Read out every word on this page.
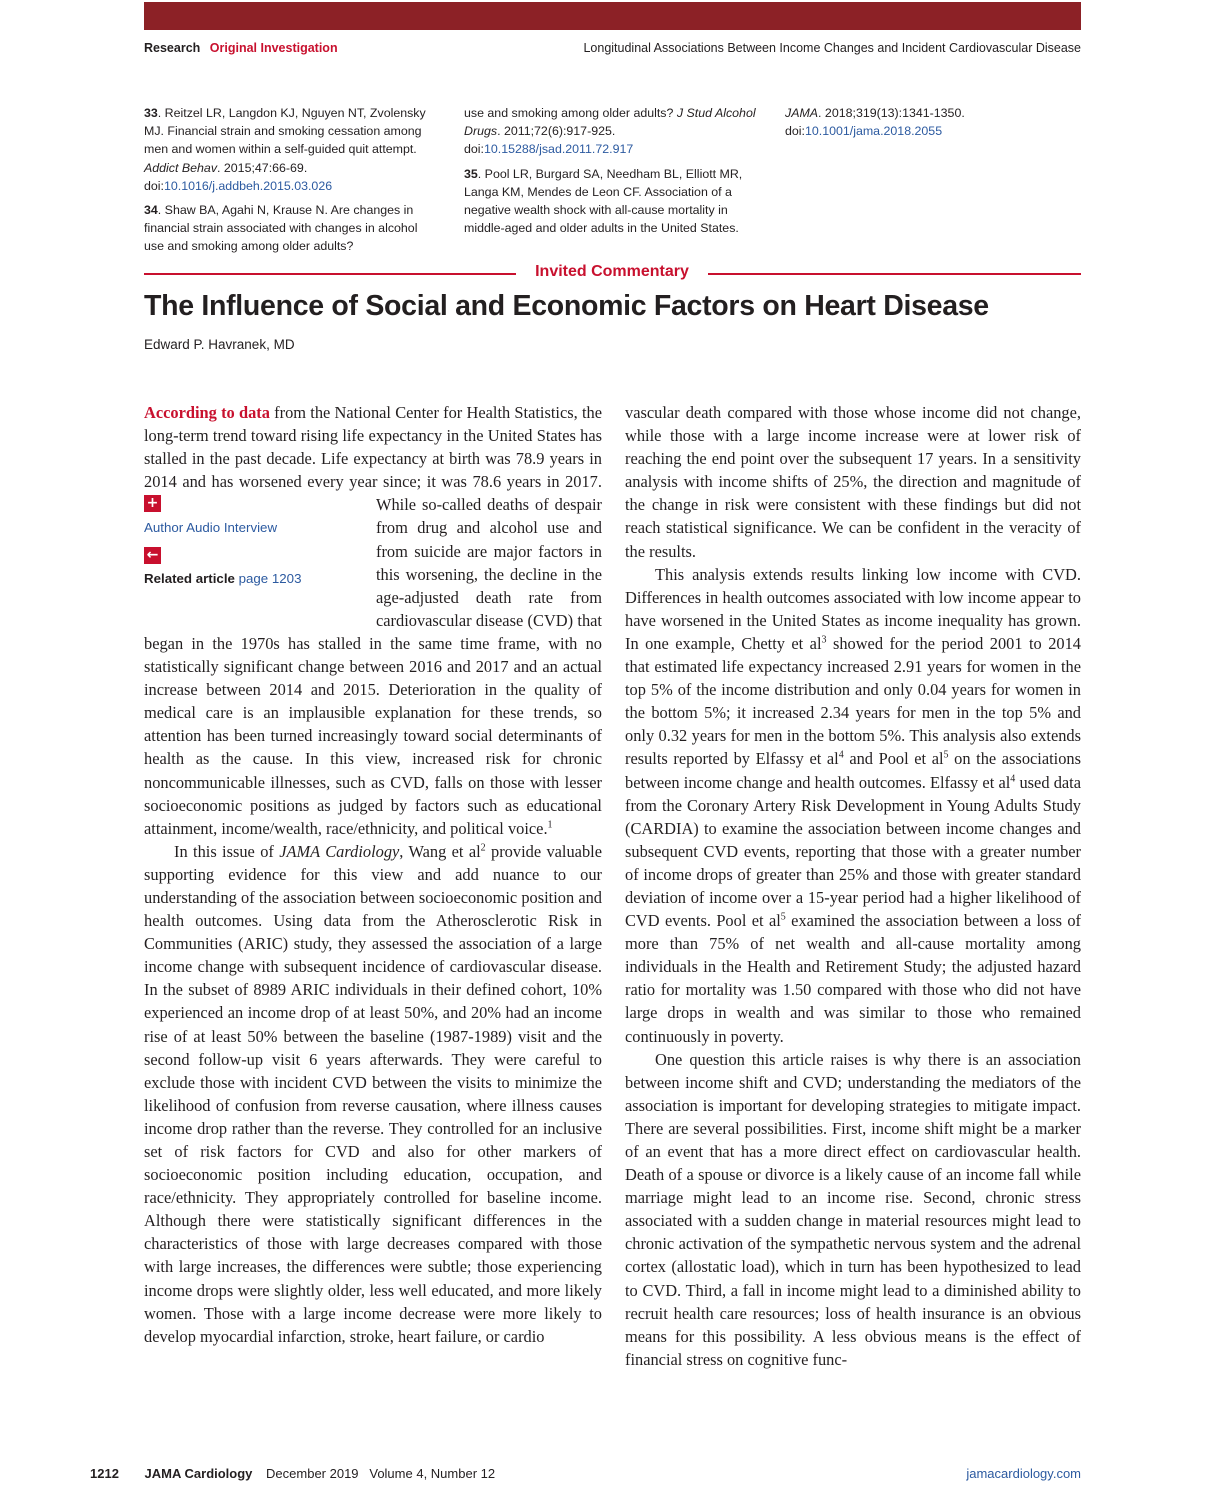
Research Original Investigation	Longitudinal Associations Between Income Changes and Incident Cardiovascular Disease

33. Reitzel LR, Langdon KJ, Nguyen NT, Zvolensky MJ. Financial strain and smoking cessation among men and women within a self-guided quit attempt. Addict Behav. 2015;47:66-69. doi:10.1016/j.addbeh.2015.03.026

34. Shaw BA, Agahi N, Krause N. Are changes in financial strain associated with changes in alcohol use and smoking among older adults?

use and smoking among older adults? J Stud Alcohol Drugs. 2011;72(6):917-925. doi:10.15288/jsad.2011.72.917

35. Pool LR, Burgard SA, Needham BL, Elliott MR, Langa KM, Mendes de Leon CF. Association of a negative wealth shock with all-cause mortality in middle-aged and older adults in the United States.

JAMA. 2018;319(13):1341-1350. doi:10.1001/jama.2018.2055

Invited Commentary
The Influence of Social and Economic Factors on Heart Disease
Edward P. Havranek, MD

According to data from the National Center for Health Statistics, the long-term trend toward rising life expectancy in the United States has stalled in the past decade. Life expectancy at birth was 78.9 years in 2014 and has worsened every year
+
Author Audio Interview
←
Related article page 1203
since; it was 78.6 years in 2017. While so-called deaths of despair from drug and alcohol use and from suicide are major factors in this worsening, the decline in the age-adjusted death rate from cardiovascular disease (CVD) that began in the 1970s has stalled in the same time frame, with no statistically significant change between 2016 and 2017 and an actual increase between 2014 and 2015. Deterioration in the quality of medical care is an implausible explanation for these trends, so attention has been turned increasingly toward social determinants of health as the cause. In this view, increased risk for chronic noncommunicable illnesses, such as CVD, falls on those with lesser socioeconomic positions as judged by factors such as educational attainment, income/wealth, race/ethnicity, and political voice.$^1$

In this issue of JAMA Cardiology, Wang et $al^2$ provide valuable supporting evidence for this view and add nuance to our understanding of the association between socioeconomic position and health outcomes. Using data from the Atherosclerotic Risk in Communities (ARIC) study, they assessed the association of a large income change with subsequent incidence of cardiovascular disease. In the subset of 8989 ARIC individuals in their defined cohort, 10% experienced an income drop of at least 50%, and 20% had an income rise of at least 50% between the baseline (1987-1989) visit and the second follow-up visit 6 years afterwards. They were careful to exclude those with incident CVD between the visits to minimize the likelihood of confusion from reverse causation, where illness causes income drop rather than the reverse. They controlled for an inclusive set of risk factors for CVD and also for other markers of socioeconomic position including education, occupation, and race/ethnicity. They appropriately controlled for baseline income. Although there were statistically significant differences in the characteristics of those with large decreases compared with those with large increases, the differences were subtle; those experiencing income drops were slightly older, less well educated, and more likely women. Those with a large income decrease were more likely to develop myocardial infarction, stroke, heart failure, or cardio

vascular death compared with those whose income did not change, while those with a large income increase were at lower risk of reaching the end point over the subsequent 17 years. In a sensitivity analysis with income shifts of 25%, the direction and magnitude of the change in risk were consistent with these findings but did not reach statistical significance. We can be confident in the veracity of the results.

This analysis extends results linking low income with CVD. Differences in health outcomes associated with low income appear to have worsened in the United States as income inequality has grown. In one example, Chetty et $al^3$ showed for the period 2001 to 2014 that estimated life expectancy increased 2.91 years for women in the top 5% of the income distribution and only 0.04 years for women in the bottom 5%; it increased 2.34 years for men in the top 5% and only 0.32 years for men in the bottom 5%. This analysis also extends results reported by Elfassy et $al^4$ and Pool et $al^5$ on the associations between income change and health outcomes. Elfassy et $al^4$ used data from the Coronary Artery Risk Development in Young Adults Study (CARDIA) to examine the association between income changes and subsequent CVD events, reporting that those with a greater number of income drops of greater than 25% and those with greater standard deviation of income over a 15-year period had a higher likelihood of CVD events. Pool et $al^5$ examined the association between a loss of more than 75% of net wealth and all-cause mortality among individuals in the Health and Retirement Study; the adjusted hazard ratio for mortality was 1.50 compared with those who did not have large drops in wealth and was similar to those who remained continuously in poverty.

One question this article raises is why there is an association between income shift and CVD; understanding the mediators of the association is important for developing strategies to mitigate impact. There are several possibilities. First, income shift might be a marker of an event that has a more direct effect on cardiovascular health. Death of a spouse or divorce is a likely cause of an income fall while marriage might lead to an income rise. Second, chronic stress associated with a sudden change in material resources might lead to chronic activation of the sympathetic nervous system and the adrenal cortex (allostatic load), which in turn has been hypothesized to lead to CVD. Third, a fall in income might lead to a diminished ability to recruit health care resources; loss of health insurance is an obvious means for this possibility. A less obvious means is the effect of financial stress on cognitive func-

1212 JAMA Cardiology December 2019   Volume 4, Number 12	jamacardiology.com
